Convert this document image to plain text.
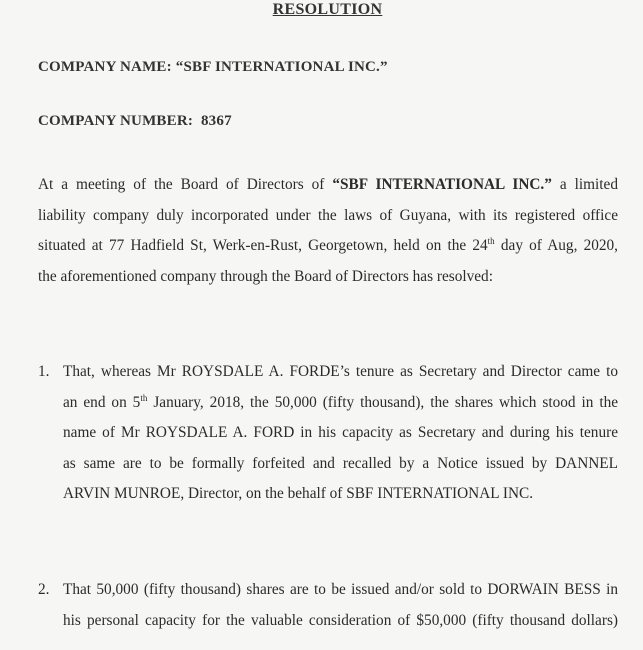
RESOLUTION
COMPANY NAME: “SBF INTERNATIONAL INC.”
COMPANY NUMBER: 8367
At a meeting of the Board of Directors of “SBF INTERNATIONAL INC.” a limited
liability company duly incorporated under the laws of Guyana, with its registered office
situated at 77 Hadfield St, Werk-en-Rust, Georgetown, held on the 24th day of Aug, 2020,
the aforementioned company through the Board of Directors has resolved:
1. That, whereas Mr ROYSDALE A. FORDE’s tenure as Secretary and Director came to
an end on 5th January, 2018, the 50,000 (fifty thousand), the shares which stood in the
name of Mr ROYSDALE A. FORD in his capacity as Secretary and during his tenure
as same are to be formally forfeited and recalled by a Notice issued by DANNEL
ARVIN MUNROE, Director, on the behalf of SBF INTERNATIONAL INC.
2. That 50,000 (fifty thousand) shares are to be issued and/or sold to DORWAIN BESS in
his personal capacity for the valuable consideration of $50,000 (fifty thousand dollars)
